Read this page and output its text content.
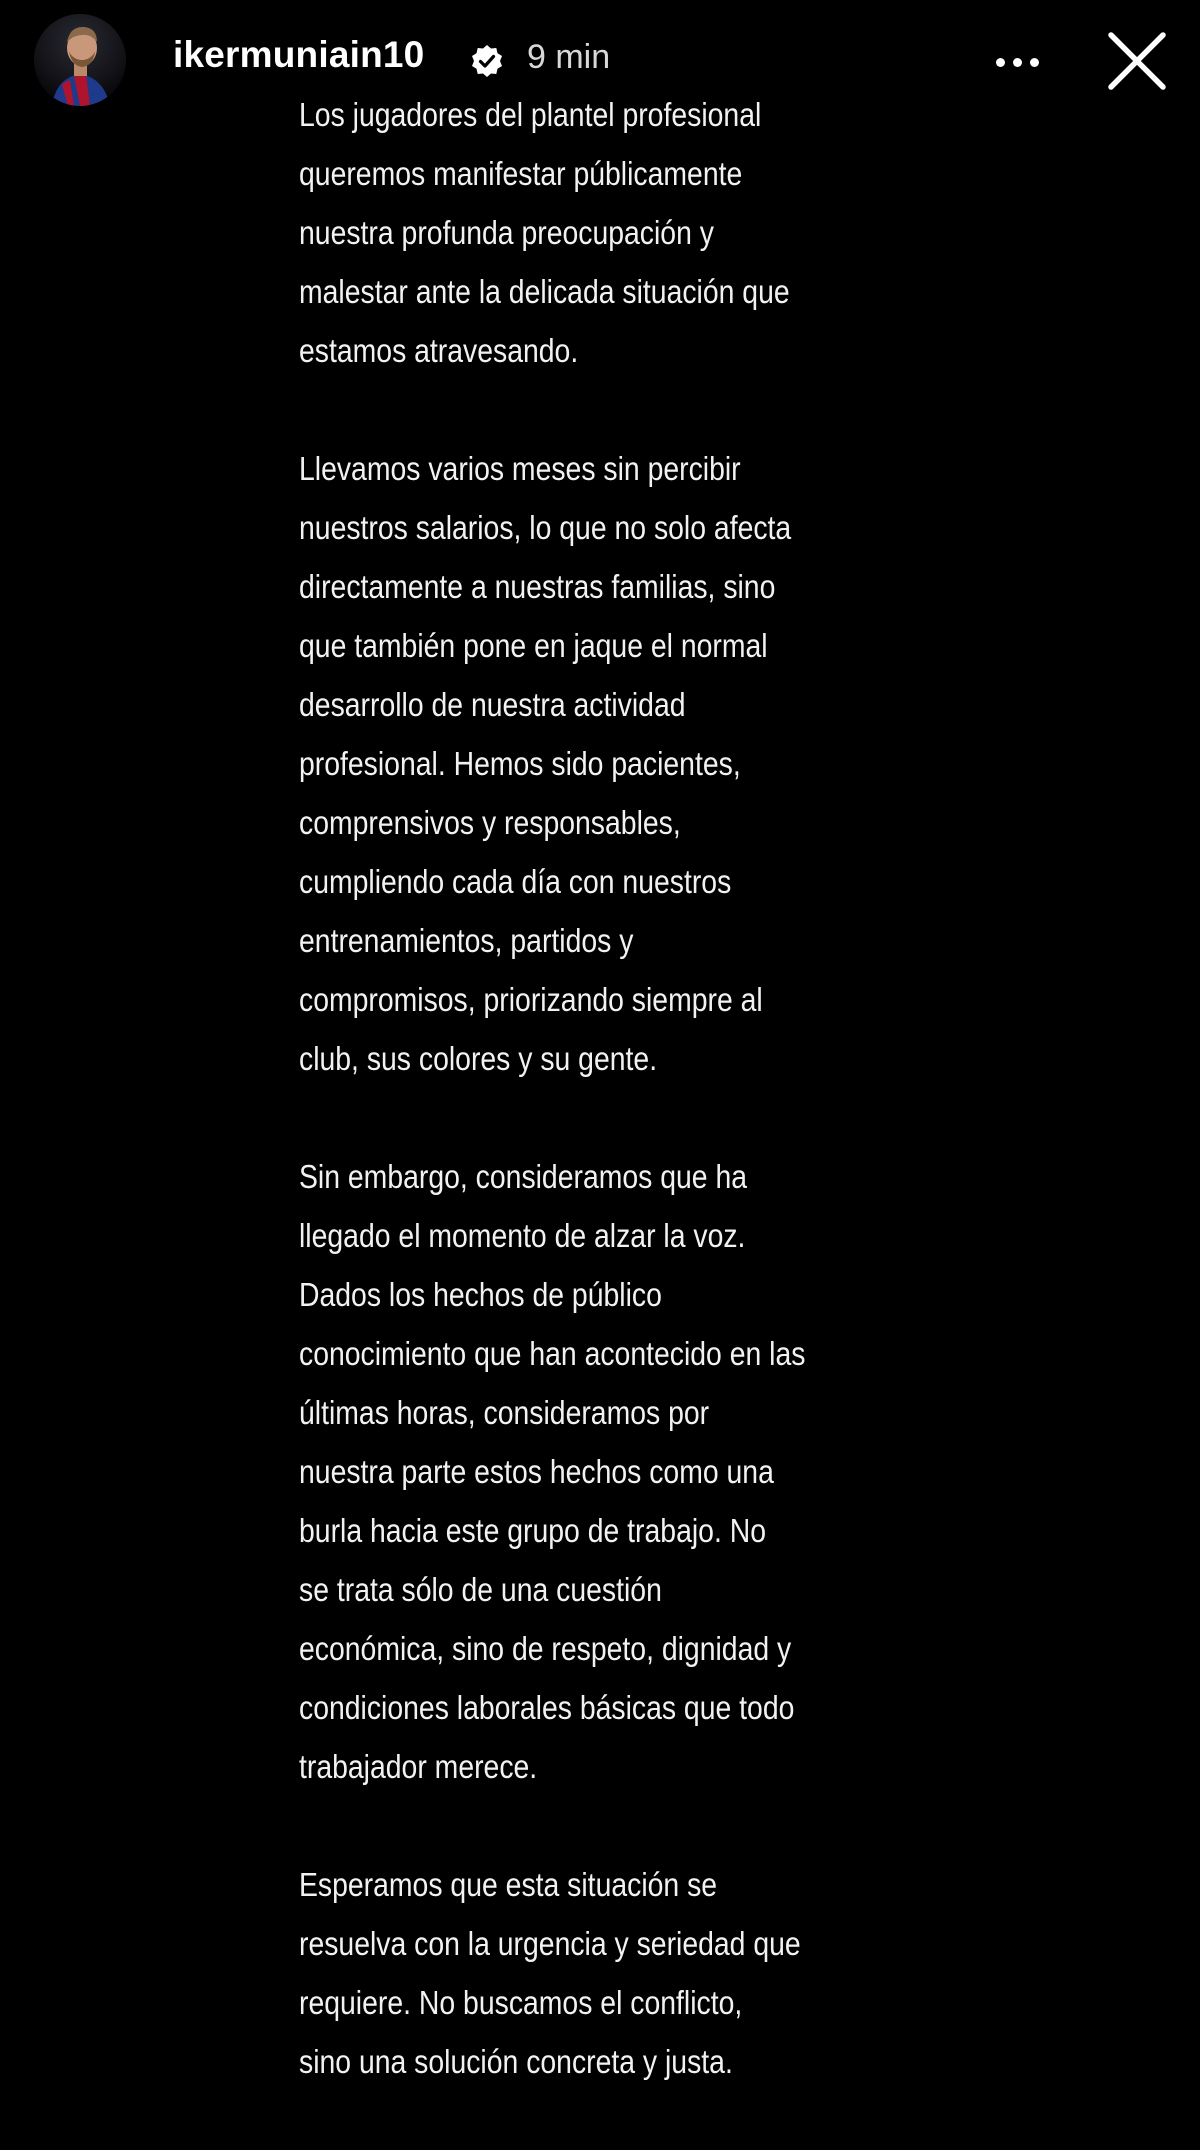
ikermuniain10	9 min

Los jugadores del plantel profesional
queremos manifestar públicamente
nuestra profunda preocupación y
malestar ante la delicada situación que
estamos atravesando.

Llevamos varios meses sin percibir
nuestros salarios, lo que no solo afecta
directamente a nuestras familias, sino
que también pone en jaque el normal
desarrollo de nuestra actividad
profesional. Hemos sido pacientes,
comprensivos y responsables,
cumpliendo cada día con nuestros
entrenamientos, partidos y
compromisos, priorizando siempre al
club, sus colores y su gente.

Sin embargo, consideramos que ha
llegado el momento de alzar la voz.
Dados los hechos de público
conocimiento que han acontecido en las
últimas horas, consideramos por
nuestra parte estos hechos como una
burla hacia este grupo de trabajo. No
se trata sólo de una cuestión
económica, sino de respeto, dignidad y
condiciones laborales básicas que todo
trabajador merece.

Esperamos que esta situación se
resuelva con la urgencia y seriedad que
requiere. No buscamos el conflicto,
sino una solución concreta y justa.
